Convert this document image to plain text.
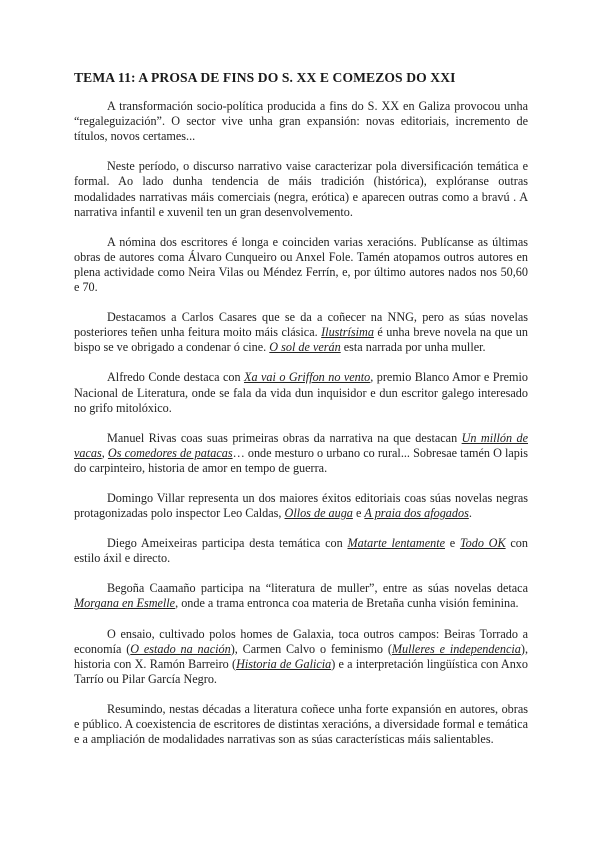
TEMA 11: A PROSA DE FINS DO S. XX E COMEZOS DO XXI

A transformación socio-política producida a fins do S. XX en Galiza provocou unha “regaleguización”. O sector vive unha gran expansión: novas editoriais, incremento de títulos, novos certames...

Neste período, o discurso narrativo vaise caracterizar pola diversificación temática e formal. Ao lado dunha tendencia de máis tradición (histórica), explóranse outras modalidades narrativas máis comerciais (negra, erótica) e aparecen outras como a bravú . A narrativa infantil e xuvenil ten un gran desenvolvemento.

A nómina dos escritores é longa e coinciden varias xeracións. Publícanse as últimas obras de autores coma Álvaro Cunqueiro ou Anxel Fole. Tamén atopamos outros autores en plena actividade como Neira Vilas ou Méndez Ferrín, e, por último autores nados nos 50,60 e 70.

Destacamos a Carlos Casares que se da a coñecer na NNG, pero as súas novelas posteriores teñen unha feitura moito máis clásica. Ilustrísima é unha breve novela na que un bispo se ve obrigado a condenar ó cine. O sol de verán esta narrada por unha muller.

Alfredo Conde destaca con Xa vai o Griffon no vento, premio Blanco Amor e Premio Nacional de Literatura, onde se fala da vida dun inquisidor e dun escritor galego interesado no grifo mitolóxico.

Manuel Rivas coas suas primeiras obras da narrativa na que destacan Un millón de vacas, Os comedores de patacas… onde mesturo o urbano co rural... Sobresae tamén O lapis do carpinteiro, historia de amor en tempo de guerra.

Domingo Villar representa un dos maiores éxitos editoriais coas súas novelas negras protagonizadas polo inspector Leo Caldas, Ollos de auga e A praia dos afogados.

Diego Ameixeiras participa desta temática con Matarte lentamente e Todo OK con estilo áxil e directo.

Begoña Caamaño participa na “literatura de muller”, entre as súas novelas detaca Morgana en Esmelle, onde a trama entronca coa materia de Bretaña cunha visión feminina.

O ensaio, cultivado polos homes de Galaxia, toca outros campos: Beiras Torrado a economía (O estado na nación), Carmen Calvo o feminismo (Mulleres e independencia), historia con X. Ramón Barreiro (Historia de Galicia) e a interpretación lingüística con Anxo Tarrío ou Pilar García Negro.

Resumindo, nestas décadas a literatura coñece unha forte expansión en autores, obras e público. A coexistencia de escritores de distintas xeracións, a diversidade formal e temática e a ampliación de modalidades narrativas son as súas características máis salientables.
